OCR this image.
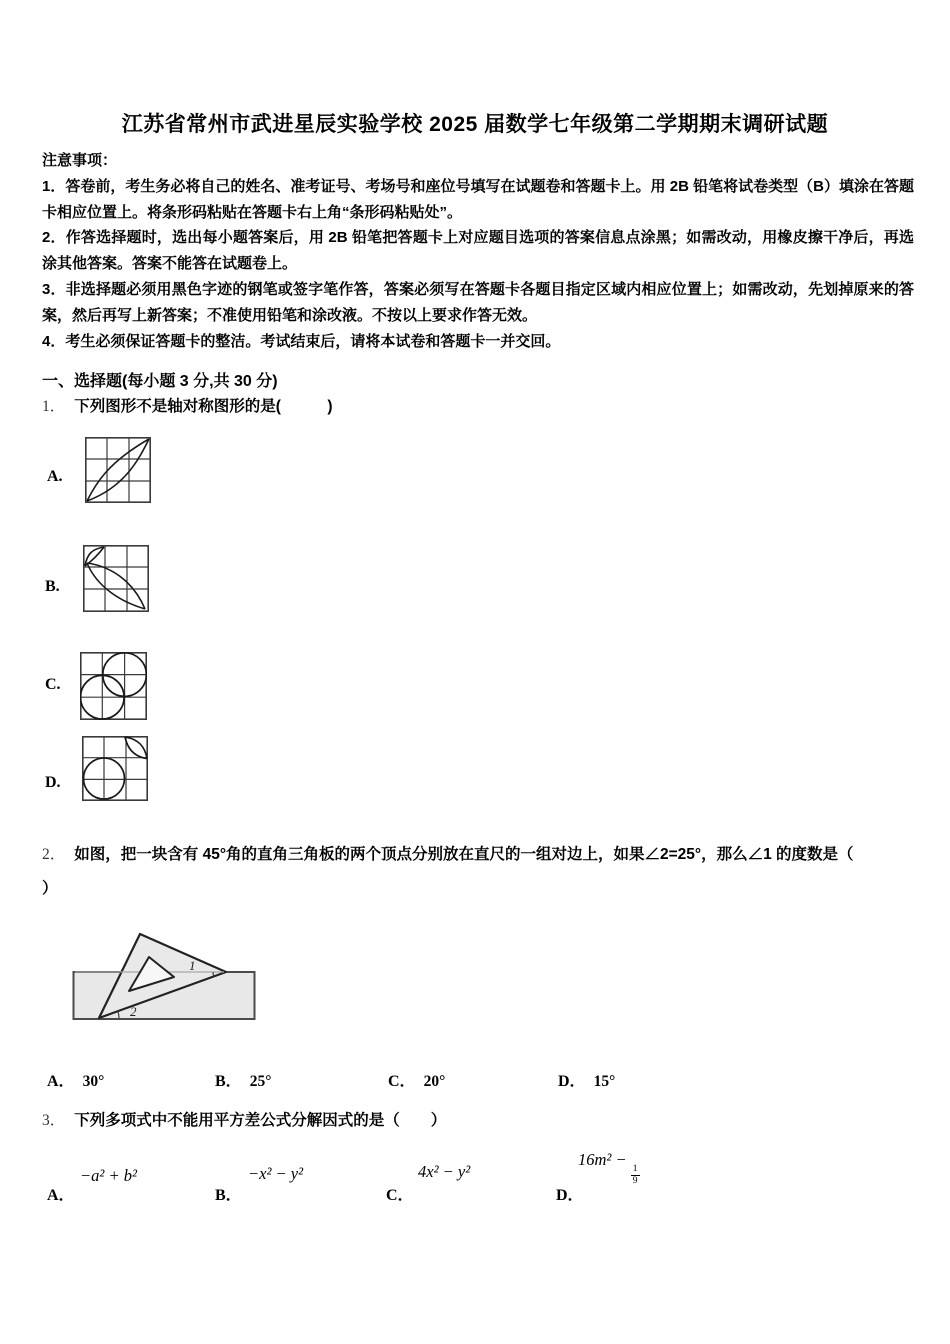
江苏省常州市武进星辰实验学校 2025 届数学七年级第二学期期末调研试题
注意事项：
1．答卷前，考生务必将自己的姓名、准考证号、考场号和座位号填写在试题卷和答题卡上。用 2B 铅笔将试卷类型（B）填涂在答题卡相应位置上。将条形码粘贴在答题卡右上角“条形码粘贴处”。
2．作答选择题时，选出每小题答案后，用 2B 铅笔把答题卡上对应题目选项的答案信息点涂黑；如需改动，用橡皮擦干净后，再选涂其他答案。答案不能答在试题卷上。
3．非选择题必须用黑色字迹的钢笔或签字笔作答，答案必须写在答题卡各题目指定区域内相应位置上；如需改动，先划掉原来的答案，然后再写上新答案；不准使用铅笔和涂改液。不按以上要求作答无效。
4．考生必须保证答题卡的整洁。考试结束后，请将本试卷和答题卡一并交回。
一、选择题(每小题 3 分,共 30 分)
1． 下列图形不是轴对称图形的是(　　　)
A.
B.
C.
D.
2． 如图，把一块含有 45°角的直角三角板的两个顶点分别放在直尺的一组对边上，如果∠2=25°，那么∠1 的度数是（
）
1
2
A． 30°	B． 25°	C． 20°	D． 15°
3． 下列多项式中不能用平方差公式分解因式的是（　　）
A．
−a² + b²
B．
−x² − y²
C．
4x² − y²
D．
16m² −
$\frac{1}{9}$
